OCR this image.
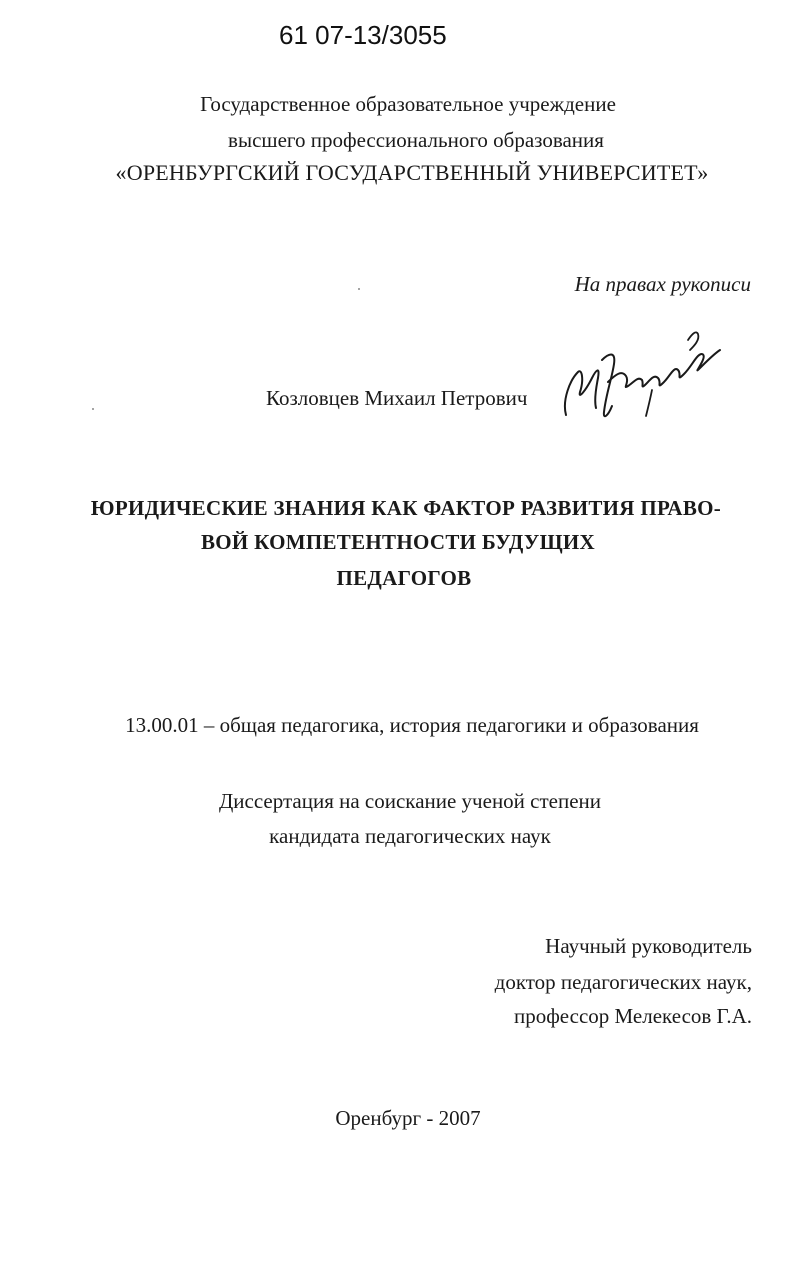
61 07-13/3055
Государственное образовательное учреждение
высшего профессионального образования
«ОРЕНБУРГСКИЙ ГОСУДАРСТВЕННЫЙ УНИВЕРСИТЕТ»
На правах рукописи
Козловцев Михаил Петрович
ЮРИДИЧЕСКИЕ ЗНАНИЯ КАК ФАКТОР РАЗВИТИЯ ПРАВО-
ВОЙ КОМПЕТЕНТНОСТИ БУДУЩИХ
ПЕДАГОГОВ
13.00.01 – общая педагогика, история педагогики и образования
Диссертация на соискание ученой степени
кандидата педагогических наук
Научный руководитель
доктор педагогических наук,
профессор Мелекесов Г.А.
Оренбург - 2007
